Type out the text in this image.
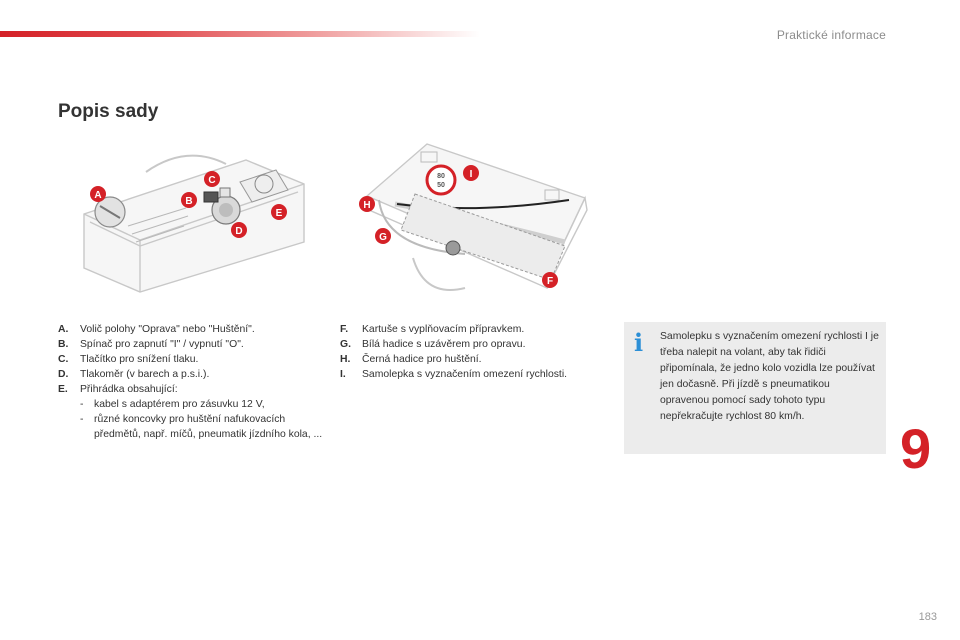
Praktické informace
Popis sady
A
B
C
D
E
80
50
I
H
G
F
A.	Volič polohy "Oprava" nebo "Huštění".
B.	Spínač pro zapnutí "I" / vypnutí "O".
C.	Tlačítko pro snížení tlaku.
D.	Tlakoměr (v barech a p.s.i.).
E.	Přihrádka obsahující:
-	kabel s adaptérem pro zásuvku 12 V,
-	různé koncovky pro huštění nafukovacích předmětů, např. míčů, pneumatik jízdního kola, ...
F.	Kartuše s vyplňovacím přípravkem.
G.	Bílá hadice s uzávěrem pro opravu.
H.	Černá hadice pro huštění.
I.	Samolepka s vyznačením omezení rychlosti.
i Samolepku s vyznačením omezení rychlosti I je třeba nalepit na volant, aby tak řidiči připomínala, že jedno kolo vozidla lze používat jen dočasně. Při jízdě s pneumatikou opravenou pomocí sady tohoto typu nepřekračujte rychlost 80 km/h.
9
183
